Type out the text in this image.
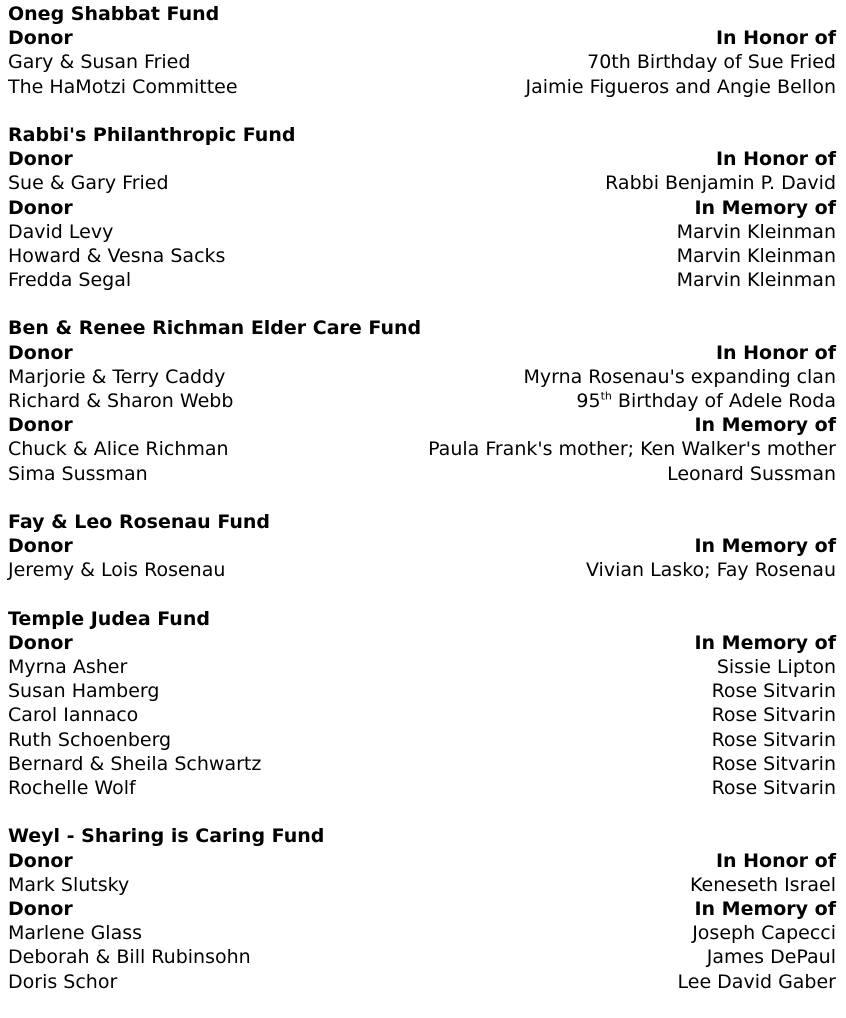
Oneg Shabbat Fund
Donor	In Honor of
Gary & Susan Fried	70th Birthday of Sue Fried
The HaMotzi Committee	Jaimie Figueros and Angie Bellon
Rabbi's Philanthropic Fund
Donor	In Honor of
Sue & Gary Fried	Rabbi Benjamin P. David
Donor	In Memory of
David Levy	Marvin Kleinman
Howard & Vesna Sacks	Marvin Kleinman
Fredda Segal	Marvin Kleinman
Ben & Renee Richman Elder Care Fund
Donor	In Honor of
Marjorie & Terry Caddy	Myrna Rosenau's expanding clan
Richard & Sharon Webb	95th Birthday of Adele Roda
Donor	In Memory of
Chuck & Alice Richman	Paula Frank's mother; Ken Walker's mother
Sima Sussman	Leonard Sussman
Fay & Leo Rosenau Fund
Donor	In Memory of
Jeremy & Lois Rosenau	Vivian Lasko; Fay Rosenau
Temple Judea Fund
Donor	In Memory of
Myrna Asher	Sissie Lipton
Susan Hamberg	Rose Sitvarin
Carol Iannaco	Rose Sitvarin
Ruth Schoenberg	Rose Sitvarin
Bernard & Sheila Schwartz	Rose Sitvarin
Rochelle Wolf	Rose Sitvarin
Weyl - Sharing is Caring Fund
Donor	In Honor of
Mark Slutsky	Keneseth Israel
Donor	In Memory of
Marlene Glass	Joseph Capecci
Deborah & Bill Rubinsohn	James DePaul
Doris Schor	Lee David Gaber
